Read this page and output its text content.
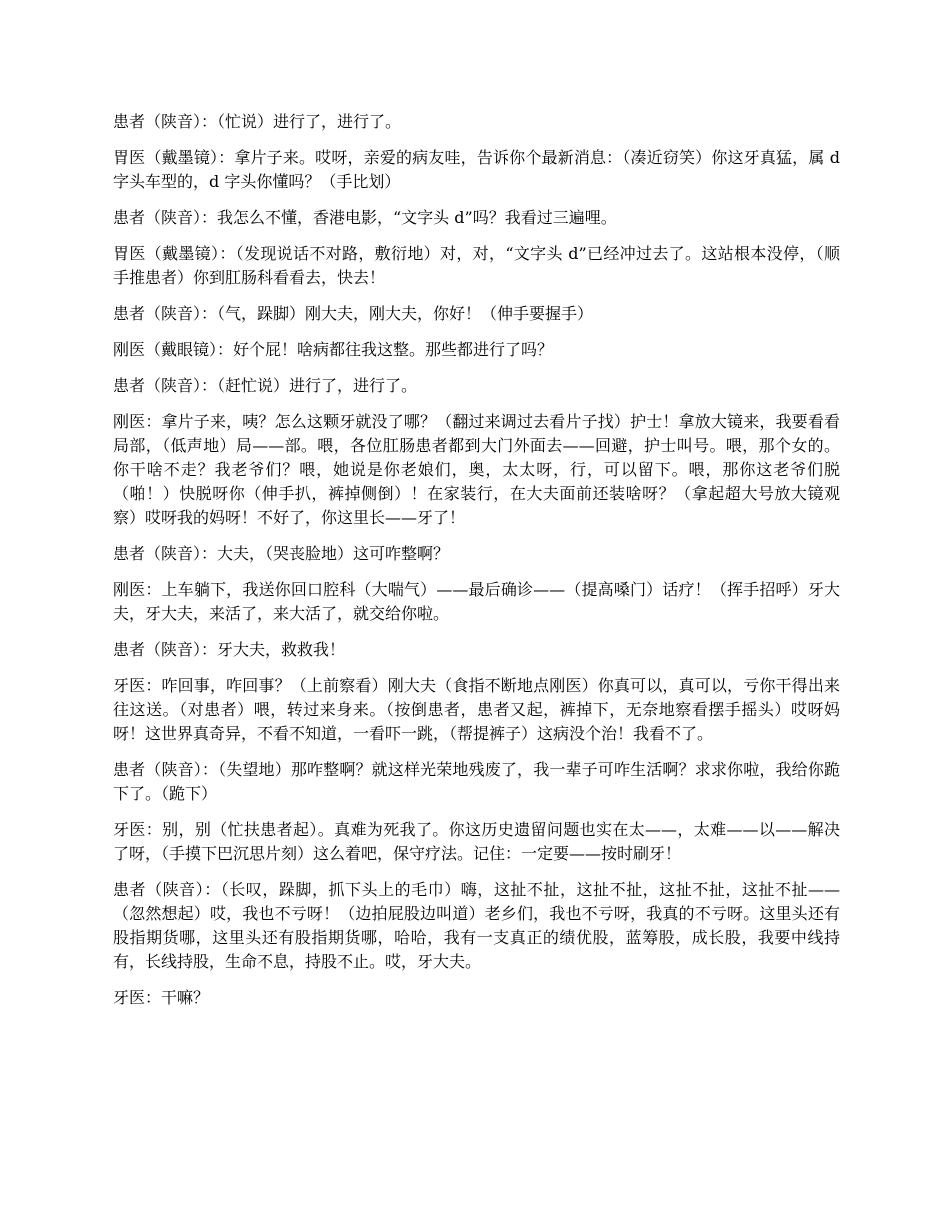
患者（陕音）：（忙说）进行了，进行了。

胃医（戴墨镜）：拿片子来。哎呀，亲爱的病友哇，告诉你个最新消息：（凑近窃笑）你这牙真猛，属 d 字头车型的，d 字头你懂吗？（手比划）

患者（陕音）：我怎么不懂，香港电影，“文字头 d”吗？我看过三遍哩。

胃医（戴墨镜）：（发现说话不对路，敷衍地）对，对，“文字头 d”已经冲过去了。这站根本没停，（顺手推患者）你到肛肠科看看去，快去！

患者（陕音）：（气，跺脚）刚大夫，刚大夫，你好！（伸手要握手）

刚医（戴眼镜）：好个屁！啥病都往我这整。那些都进行了吗？

患者（陕音）：（赶忙说）进行了，进行了。

刚医：拿片子来，咦？怎么这颗牙就没了哪？（翻过来调过去看片子找）护士！拿放大镜来，我要看看局部，（低声地）局——部。喂，各位肛肠患者都到大门外面去——回避，护士叫号。喂，那个女的。你干啥不走？我老爷们？喂，她说是你老娘们，奥，太太呀，行，可以留下。喂，那你这老爷们脱（啪！）快脱呀你（伸手扒，裤掉侧倒）！在家装行，在大夫面前还装啥呀？（拿起超大号放大镜观察）哎呀我的妈呀！不好了，你这里长——牙了！

患者（陕音）：大夫，（哭丧脸地）这可咋整啊？

刚医：上车躺下，我送你回口腔科（大喘气）——最后确诊——（提高嗓门）话疗！（挥手招呼）牙大夫，牙大夫，来活了，来大活了，就交给你啦。

患者（陕音）：牙大夫，救救我！

牙医：咋回事，咋回事？（上前察看）刚大夫（食指不断地点刚医）你真可以，真可以，亏你干得出来往这送。（对患者）喂，转过来身来。（按倒患者，患者又起，裤掉下，无奈地察看摆手摇头）哎呀妈呀！这世界真奇异，不看不知道，一看吓一跳，（帮提裤子）这病没个治！我看不了。

患者（陕音）：（失望地）那咋整啊？就这样光荣地残废了，我一辈子可咋生活啊？求求你啦，我给你跪下了。（跪下）

牙医：别，别（忙扶患者起）。真难为死我了。你这历史遗留问题也实在太——，太难——以——解决了呀，（手摸下巴沉思片刻）这么着吧，保守疗法。记住：一定要——按时刷牙！

患者（陕音）：（长叹，跺脚，抓下头上的毛巾）嗨，这扯不扯，这扯不扯，这扯不扯，这扯不扯——（忽然想起）哎，我也不亏呀！（边拍屁股边叫道）老乡们，我也不亏呀，我真的不亏呀。这里头还有股指期货哪，这里头还有股指期货哪，哈哈，我有一支真正的绩优股，蓝筹股，成长股，我要中线持有，长线持股，生命不息，持股不止。哎，牙大夫。

牙医：干嘛？
